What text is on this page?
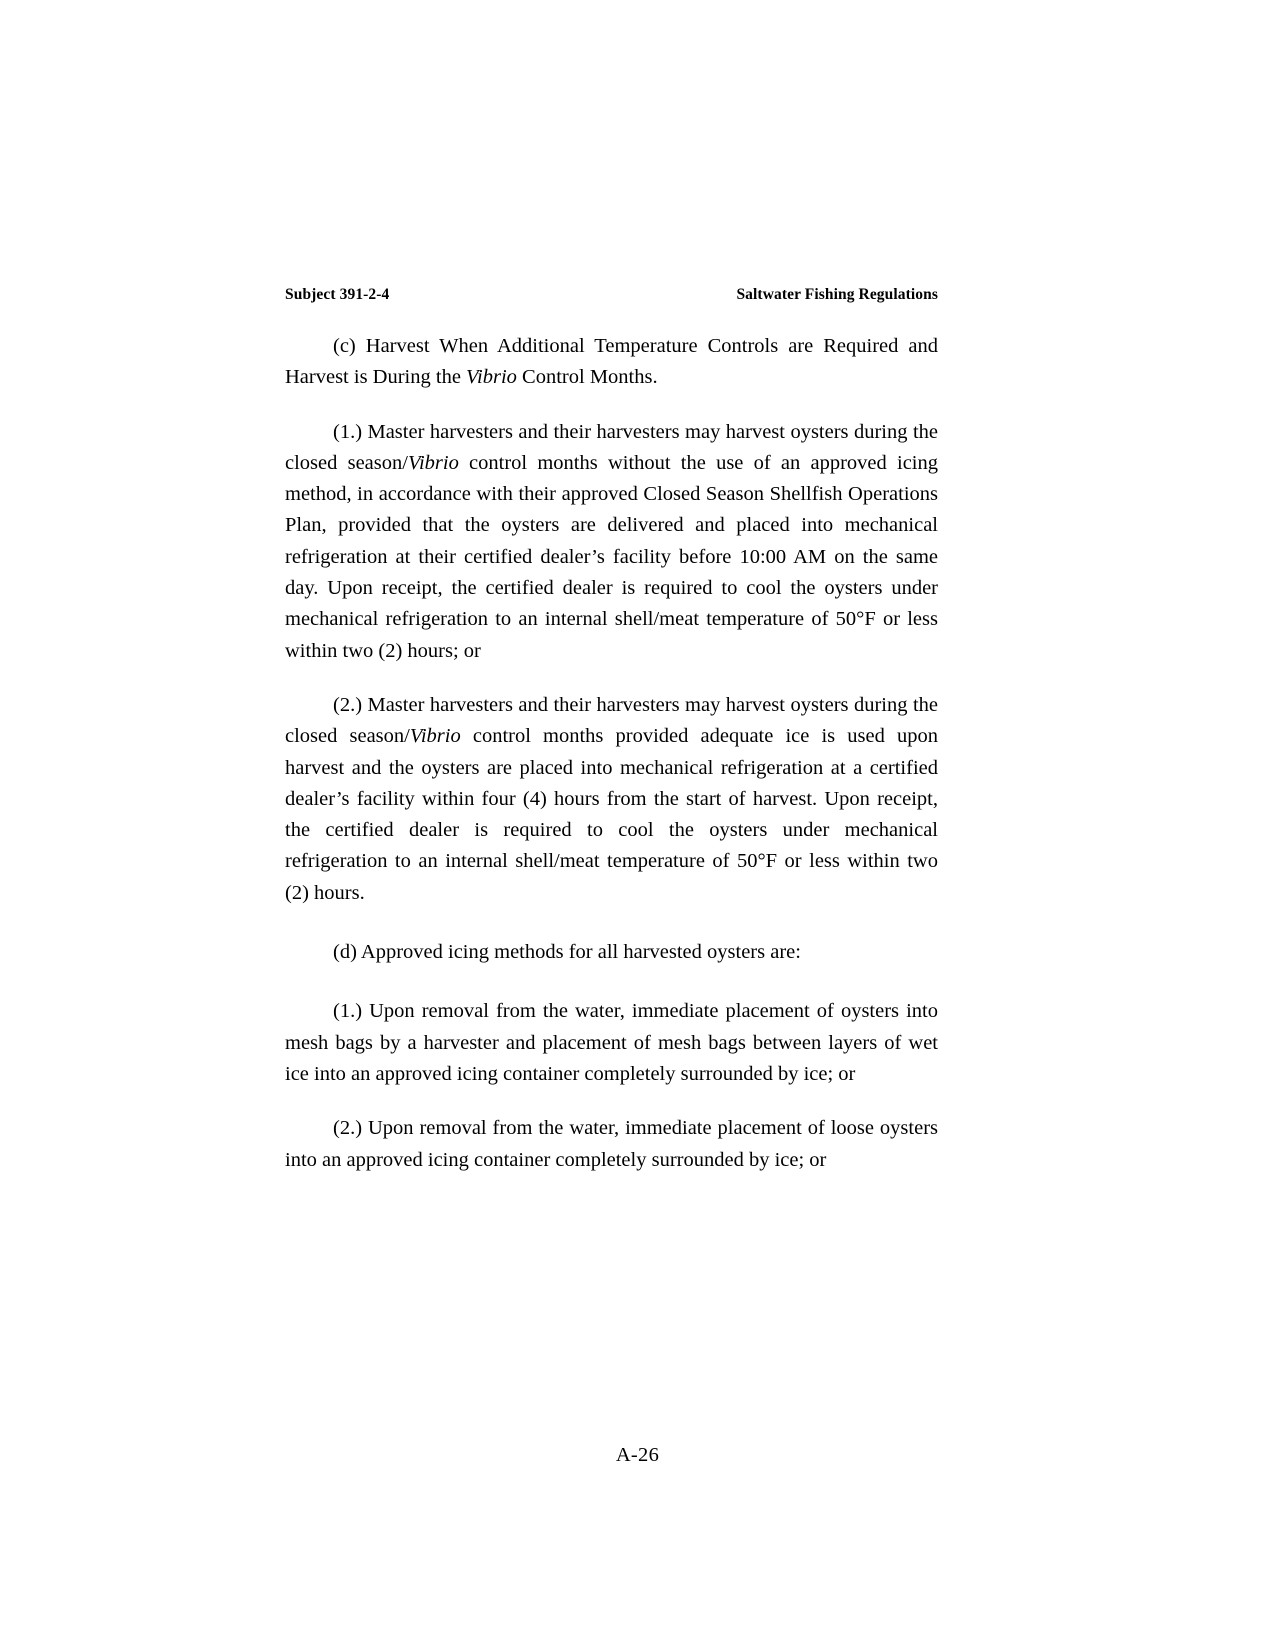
Subject 391-2-4	Saltwater Fishing Regulations

(c) Harvest When Additional Temperature Controls are Required and Harvest is During the Vibrio Control Months.

(1.) Master harvesters and their harvesters may harvest oysters during the closed season/Vibrio control months without the use of an approved icing method, in accordance with their approved Closed Season Shellfish Operations Plan, provided that the oysters are delivered and placed into mechanical refrigeration at their certified dealer’s facility before 10:00 AM on the same day. Upon receipt, the certified dealer is required to cool the oysters under mechanical refrigeration to an internal shell/meat temperature of 50°F or less within two (2) hours; or

(2.) Master harvesters and their harvesters may harvest oysters during the closed season/Vibrio control months provided adequate ice is used upon harvest and the oysters are placed into mechanical refrigeration at a certified dealer’s facility within four (4) hours from the start of harvest. Upon receipt, the certified dealer is required to cool the oysters under mechanical refrigeration to an internal shell/meat temperature of 50°F or less within two (2) hours.

(d) Approved icing methods for all harvested oysters are:

(1.) Upon removal from the water, immediate placement of oysters into mesh bags by a harvester and placement of mesh bags between layers of wet ice into an approved icing container completely surrounded by ice; or

(2.) Upon removal from the water, immediate placement of loose oysters into an approved icing container completely surrounded by ice; or

A-26
